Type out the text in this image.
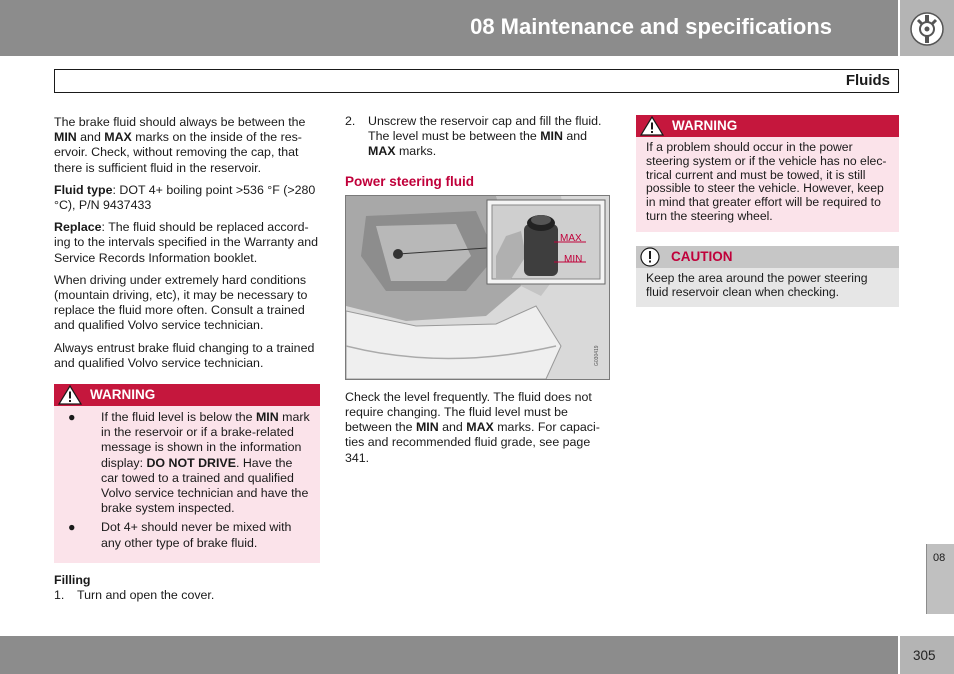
08 Maintenance and specifications
Fluids

The brake fluid should always be between the MIN and MAX marks on the inside of the res-ervoir. Check, without removing the cap, that there is sufficient fluid in the reservoir.

Fluid type: DOT 4+ boiling point >536 °F (>280 °C), P/N 9437433

Replace: The fluid should be replaced accord-ing to the intervals specified in the Warranty and Service Records Information booklet.

When driving under extremely hard conditions (mountain driving, etc), it may be necessary to replace the fluid more often. Consult a trained and qualified Volvo service technician.

Always entrust brake fluid changing to a trained and qualified Volvo service technician.

WARNING
●	If the fluid level is below the MIN mark in the reservoir or if a brake-related message is shown in the information display: DO NOT DRIVE. Have the car towed to a trained and qualified Volvo service technician and have the brake system inspected.
●	Dot 4+ should never be mixed with any other type of brake fluid.
Filling
1.	Turn and open the cover.
2.	Unscrew the reservoir cap and fill the fluid. The level must be between the MIN and MAX marks.
Power steering fluid
MAX
MIN
G030419

Check the level frequently. The fluid does not require changing. The fluid level must be between the MIN and MAX marks. For capaci-ties and recommended fluid grade, see page 341.

WARNING
If a problem should occur in the power steering system or if the vehicle has no elec-trical current and must be towed, it is still possible to steer the vehicle. However, keep in mind that greater effort will be required to turn the steering wheel.
CAUTION
Keep the area around the power steering fluid reservoir clean when checking.
08
305
